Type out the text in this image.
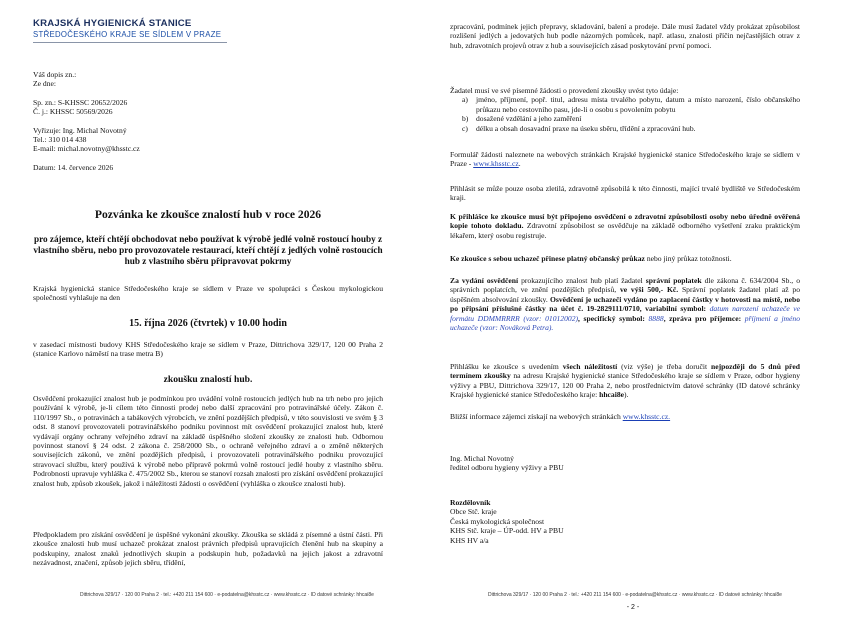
KRAJSKÁ HYGIENICKÁ STANICE
STŘEDOČESKÉHO KRAJE SE SÍDLEM V PRAZE
Váš dopis zn.:
Ze dne:
Sp. zn.: S-KHSSC 20652/2026
Č. j.: KHSSC 50569/2026
Vyřizuje: Ing. Michal Novotný
Tel.: 310 014 438
E-mail: michal.novotny@khsstc.cz
Datum: 14. července 2026
Pozvánka ke zkoušce znalostí hub v roce 2026
pro zájemce, kteří chtějí obchodovat nebo používat k výrobě jedlé volně rostoucí houby z vlastního sběru, nebo pro provozovatele restaurací, kteří chtějí z jedlých volně rostoucích hub z vlastního sběru připravovat pokrmy

Krajská hygienická stanice Středočeského kraje se sídlem v Praze ve spolupráci s Českou mykologickou společností vyhlašuje na den

15. října 2026 (čtvrtek) v 10.00 hodin

v zasedací místnosti budovy KHS Středočeského kraje se sídlem v Praze, Dittrichova 329/17, 120 00 Praha 2 (stanice Karlovo náměstí na trase metra B)

zkoušku znalostí hub.

Osvědčení prokazující znalost hub je podmínkou pro uvádění volně rostoucích jedlých hub na trh nebo pro jejich používání k výrobě, je-li cílem této činnosti prodej nebo další zpracování pro potravinářské účely. Zákon č. 110/1997 Sb., o potravinách a tabákových výrobcích, ve znění pozdějších předpisů, v této souvislosti ve svém § 3 odst. 8 stanoví provozovateli potravinářského podniku povinnost mít osvědčení prokazující znalost hub, které vydávají orgány ochrany veřejného zdraví na základě úspěšného složení zkoušky ze znalosti hub. Odbornou povinnost stanoví § 24 odst. 2 zákona č. 258/2000 Sb., o ochraně veřejného zdraví a o změně některých souvisejících zákonů, ve znění pozdějších předpisů, i provozovateli potravinářského podniku provozující stravovací službu, který používá k výrobě nebo přípravě pokrmů volně rostoucí jedlé houby z vlastního sběru. Podrobnosti upravuje vyhláška č. 475/2002 Sb., kterou se stanoví rozsah znalosti pro získání osvědčení prokazující znalost hub, způsob zkoušek, jakož i náležitosti žádosti o osvědčení (vyhláška o zkoušce znalosti hub).

Předpokladem pro získání osvědčení je úspěšné vykonání zkoušky. Zkouška se skládá z písemné a ústní části. Při zkoušce znalosti hub musí uchazeč prokázat znalost právních předpisů upravujících členění hub na skupiny a podskupiny, znalost znaků jednotlivých skupin a podskupin hub, požadavků na jejich jakost a zdravotní nezávadnost, značení, způsob jejich sběru, třídění,

Dittrichova 329/17 · 120 00 Praha 2 · tel.: +420 211 154 600 · e-podatelna@khsstc.cz · www.khsstc.cz · ID datové schránky: hhcai8e

zpracování, podmínek jejich přepravy, skladování, balení a prodeje. Dále musí žadatel vždy prokázat způsobilost rozlišení jedlých a jedovatých hub podle názorných pomůcek, např. atlasu, znalosti příčin nejčastějších otrav z hub, zdravotních projevů otrav z hub a souvisejících zásad poskytování první pomoci.

Žadatel musí ve své písemné žádosti o provedení zkoušky uvést tyto údaje:
a)	jméno, příjmení, popř. titul, adresu místa trvalého pobytu, datum a místo narození, číslo občanského průkazu nebo cestovního pasu, jde-li o osobu s povolením pobytu
b)	dosažené vzdělání a jeho zaměření
c)	délku a obsah dosavadní praxe na úseku sběru, třídění a zpracování hub.

Formulář žádosti naleznete na webových stránkách Krajské hygienické stanice Středočeského kraje se sídlem v Praze - www.khsstc.cz.

Přihlásit se může pouze osoba zletilá, zdravotně způsobilá k této činnosti, mající trvalé bydliště ve Středočeském kraji.

K přihlášce ke zkoušce musí být připojeno osvědčení o zdravotní způsobilosti osoby nebo úředně ověřená kopie tohoto dokladu. Zdravotní způsobilost se osvědčuje na základě odborného vyšetření zraku praktickým lékařem, který osobu registruje.

Ke zkoušce s sebou uchazeč přinese platný občanský průkaz nebo jiný průkaz totožnosti.

Za vydání osvědčení prokazujícího znalost hub platí žadatel správní poplatek dle zákona č. 634/2004 Sb., o správních poplatcích, ve znění pozdějších předpisů, ve výši 500,- Kč. Správní poplatek žadatel platí až po úspěšném absolvování zkoušky. Osvědčení je uchazeči vydáno po zaplacení částky v hotovosti na místě, nebo po připsání příslušné částky na účet č. 19-2829111/0710, variabilní symbol: datum narození uchazeče ve formátu DDMMRRRR (vzor: 01012002), specifický symbol: 8888, zpráva pro příjemce: příjmení a jméno uchazeče (vzor: Nováková Petra).

Přihlášku ke zkoušce s uvedením všech náležitostí (viz výše) je třeba doručit nejpozději do 5 dnů před termínem zkoušky na adresu Krajské hygienické stanice Středočeského kraje se sídlem v Praze, odbor hygieny výživy a PBU, Dittrichova 329/17, 120 00 Praha 2, nebo prostřednictvím datové schránky (ID datové schránky Krajské hygienické stanice Středočeského kraje: hhcai8e).

Bližší informace zájemci získají na webových stránkách www.khsstc.cz.

Ing. Michal Novotný
ředitel odboru hygieny výživy a PBU
Rozdělovník
Obce Stč. kraje
Česká mykologická společnost
KHS Stč. kraje – ÚP-odd. HV a PBU
KHS HV a/a
Dittrichova 329/17 · 120 00 Praha 2 · tel.: +420 211 154 600 · e-podatelna@khsstc.cz · www.khsstc.cz · ID datové schránky: hhcai8e
- 2 -
